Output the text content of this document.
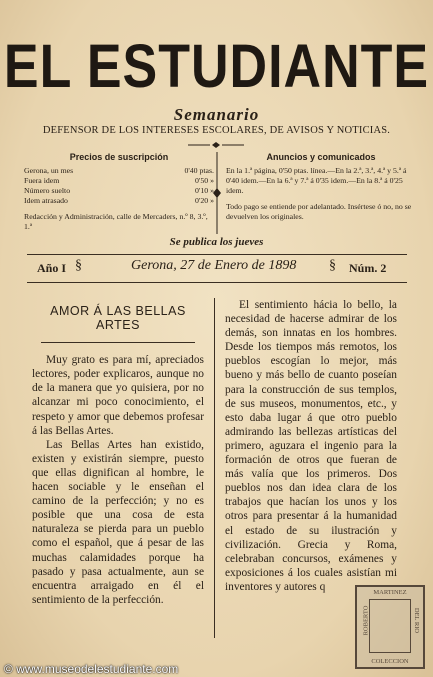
EL ESTUDIANTE
Semanario
DEFENSOR DE LOS INTERESES ESCOLARES, DE AVISOS Y NOTICIAS.
Precios de suscripción
Gerona, un mes	0'40 ptas.
Fuera idem	0'50 »
Número suelto	0'10 »
Idem atrasado	0'20 »
Redacción y Administración, calle de Mercaders, n.º 8, 3.º, 1.ª
Anuncios y comunicados
En la 1.ª página, 0'50 ptas. línea.—En la 2.ª, 3.ª, 4.ª y 5.ª á 0'40 idem.—En la 6.ª y 7.ª á 0'35 idem.—En la 8.ª á 0'25 idem.
Todo pago se entiende por adelantado. Insértese ó no, no se devuelven los originales.
Se publica los jueves
Año I §	Gerona, 27 de Enero de 1898 § Núm. 2
AMOR Á LAS BELLAS ARTES

Muy grato es para mí, apreciados lectores, poder explicaros, aunque no de la manera que yo quisiera, por no alcanzar mi poco conocimiento, el respeto y amor que debemos profesar á las Bellas Artes.

Las Bellas Artes han existido, existen y existirán siempre, puesto que ellas dignifican al hombre, le hacen sociable y le enseñan el camino de la perfección; y no es posible que una cosa de esta naturaleza se pierda para un pueblo como el español, que á pesar de las muchas calamidades porque ha pasado y pasa actualmente, aun se encuentra arraigado en él el sentimiento de la perfección.

El sentimiento hácia lo bello, la necesidad de hacerse admirar de los demás, son innatas en los hombres. Desde los tiempos más remotos, los pueblos escogían lo mejor, más bueno y más bello de cuanto poseían para la construcción de sus templos, de sus museos, monumentos, etc., y esto daba lugar á que otro pueblo admirando las bellezas artísticas del primero, aguzara el ingenio para la formación de otros que fueran de más valía que los primeros. Dos pueblos nos dan idea clara de los trabajos que hacían los unos y los otros para presentar á la humanidad el estado de su ilustración y civilización. Grecia y Roma, celebraban concursos, exámenes y exposiciones á los cuales asistían mi inventores y autores q	MARTINEZ
ROBERTO	DEL RIO
COLECCION
© www.museodelestudiante.com
